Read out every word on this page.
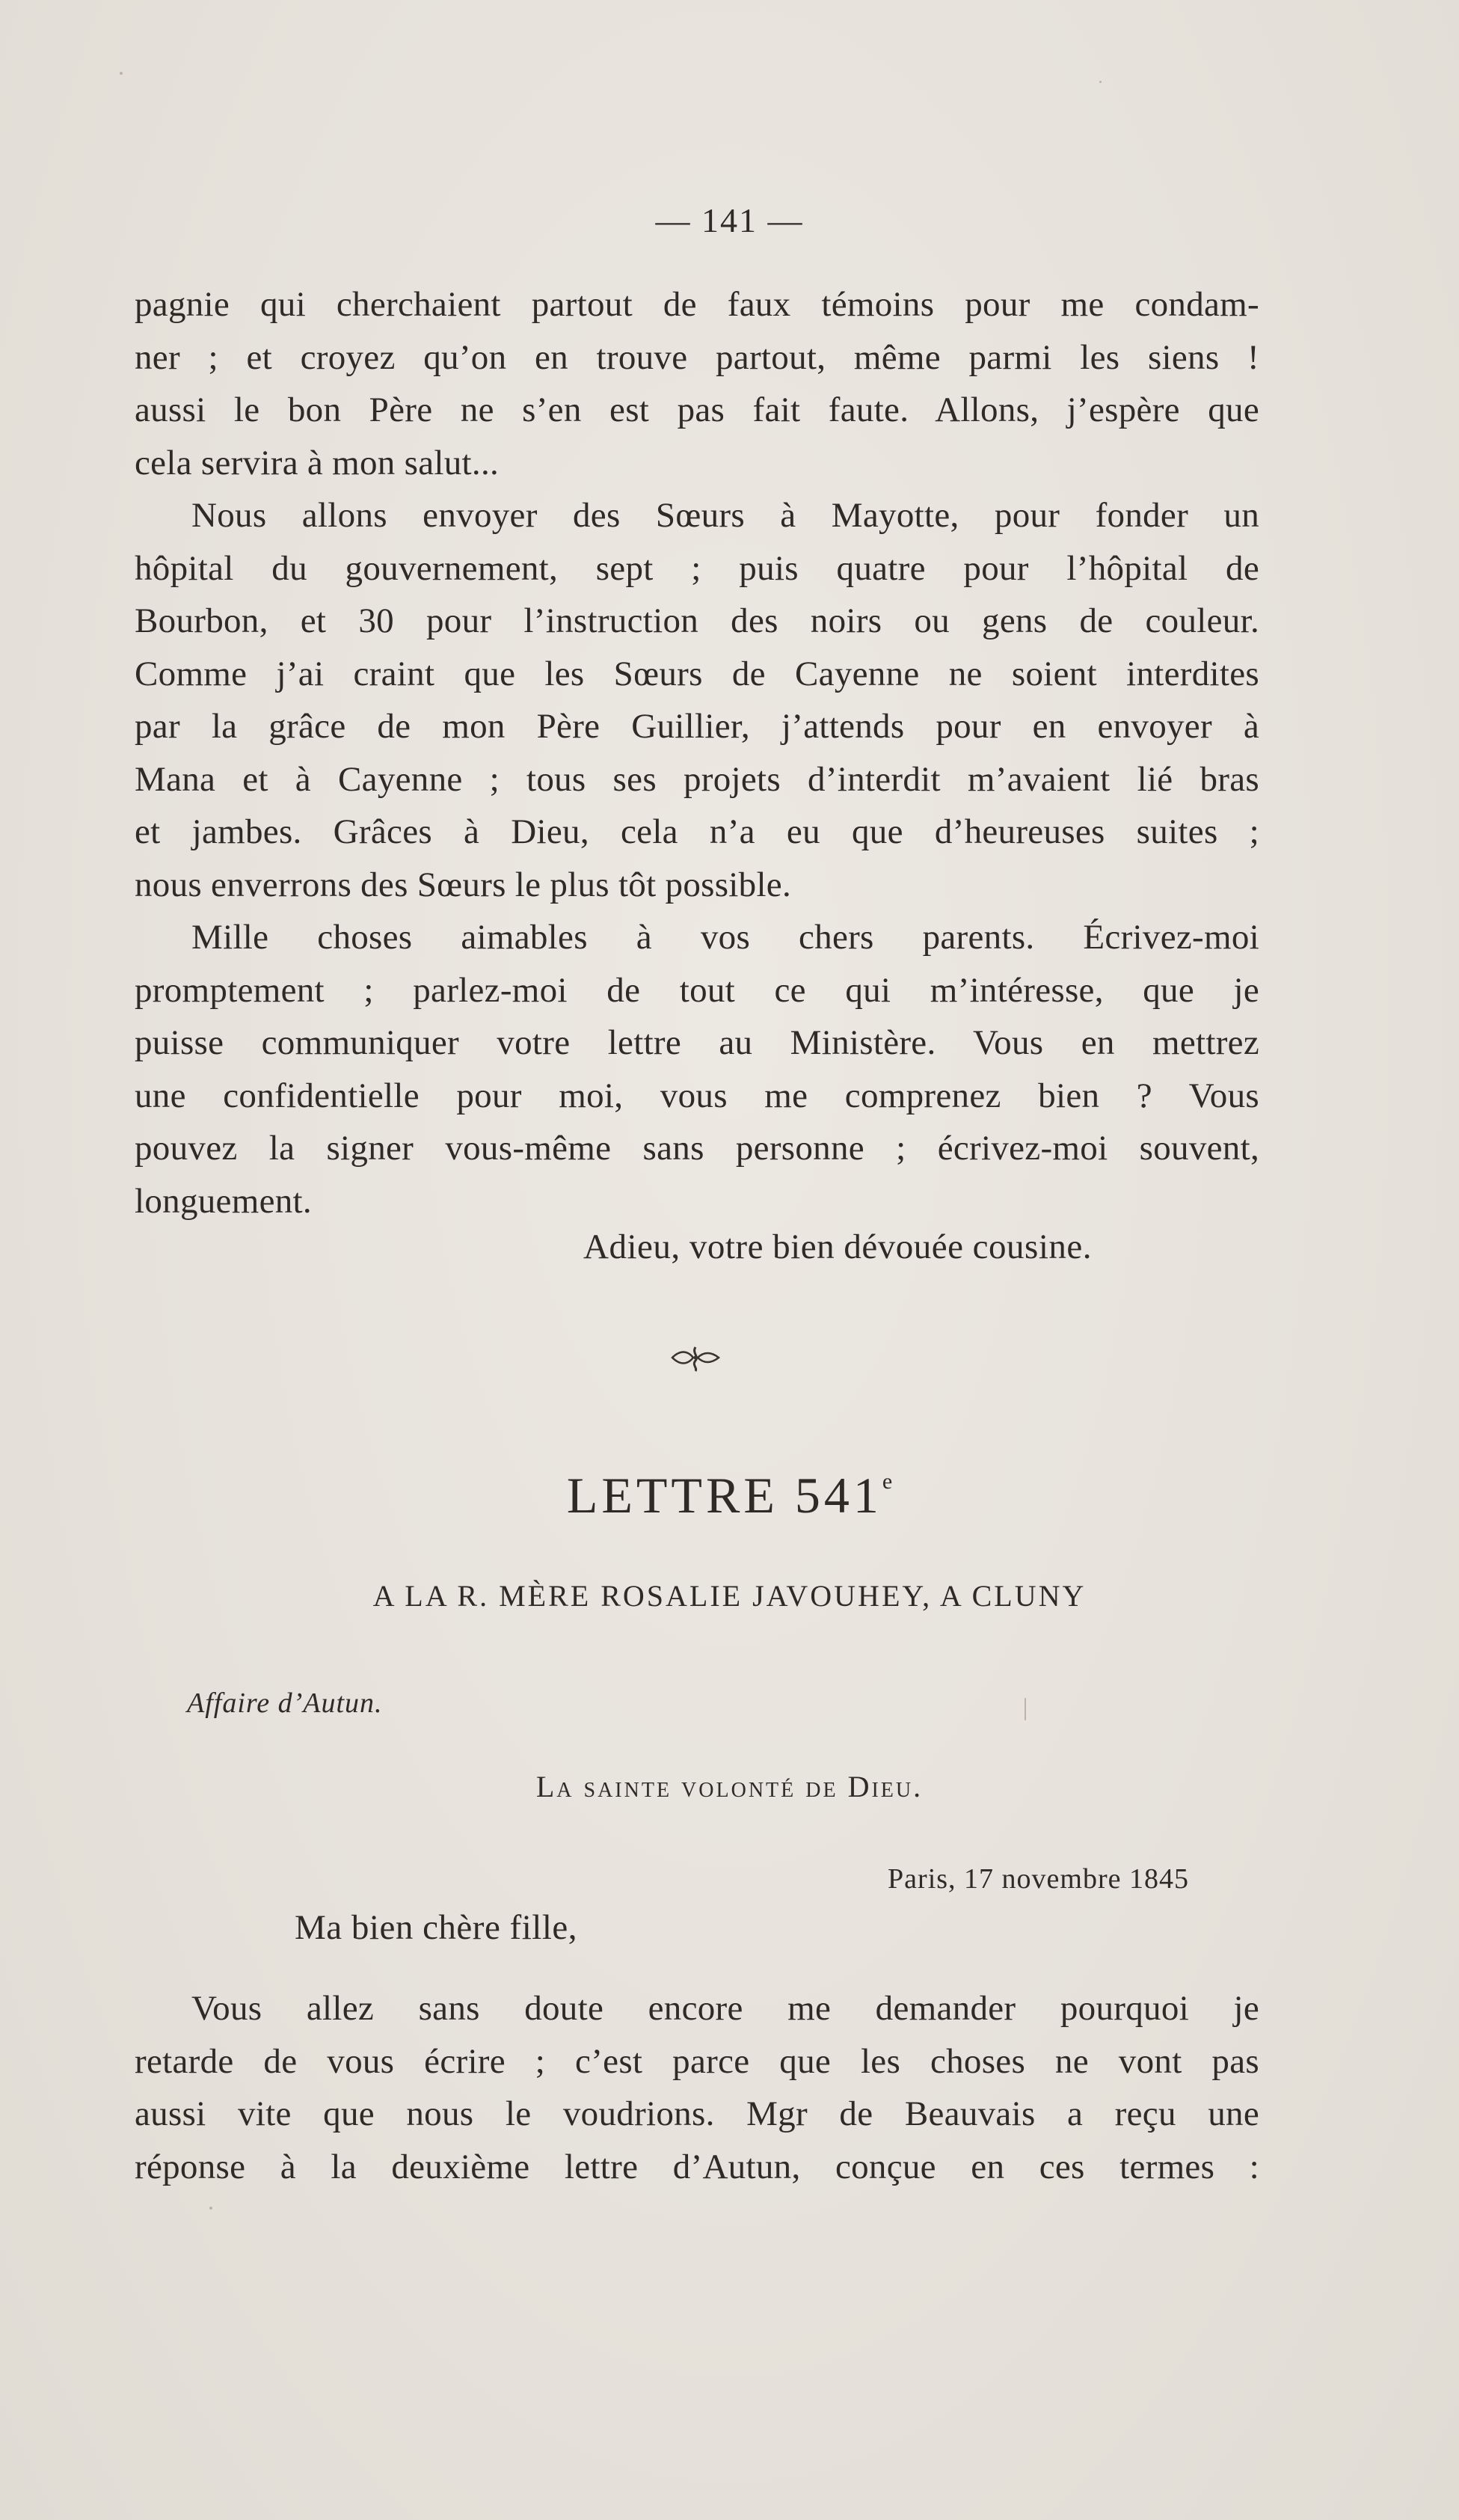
— 141 —
pagnie qui cherchaient partout de faux témoins pour me condam-
ner ; et croyez qu’on en trouve partout, même parmi les siens !
aussi le bon Père ne s’en est pas fait faute. Allons, j’espère que
cela servira à mon salut...
Nous allons envoyer des Sœurs à Mayotte, pour fonder un
hôpital du gouvernement, sept ; puis quatre pour l’hôpital de
Bourbon, et 30 pour l’instruction des noirs ou gens de couleur.
Comme j’ai craint que les Sœurs de Cayenne ne soient interdites
par la grâce de mon Père Guillier, j’attends pour en envoyer à
Mana et à Cayenne ; tous ses projets d’interdit m’avaient lié bras
et jambes. Grâces à Dieu, cela n’a eu que d’heureuses suites ;
nous enverrons des Sœurs le plus tôt possible.
Mille choses aimables à vos chers parents. Écrivez-moi
promptement ; parlez-moi de tout ce qui m’intéresse, que je
puisse communiquer votre lettre au Ministère. Vous en mettrez
une confidentielle pour moi, vous me comprenez bien ? Vous
pouvez la signer vous-même sans personne ; écrivez-moi souvent,
longuement.
Adieu, votre bien dévouée cousine.
LETTRE 541e
A LA R. MÈRE ROSALIE JAVOUHEY, A CLUNY
Affaire d’Autun.
La sainte volonté de Dieu.
Paris, 17 novembre 1845
Ma bien chère fille,
Vous allez sans doute encore me demander pourquoi je
retarde de vous écrire ; c’est parce que les choses ne vont pas
aussi vite que nous le voudrions. Mgr de Beauvais a reçu une
réponse à la deuxième lettre d’Autun, conçue en ces termes :
